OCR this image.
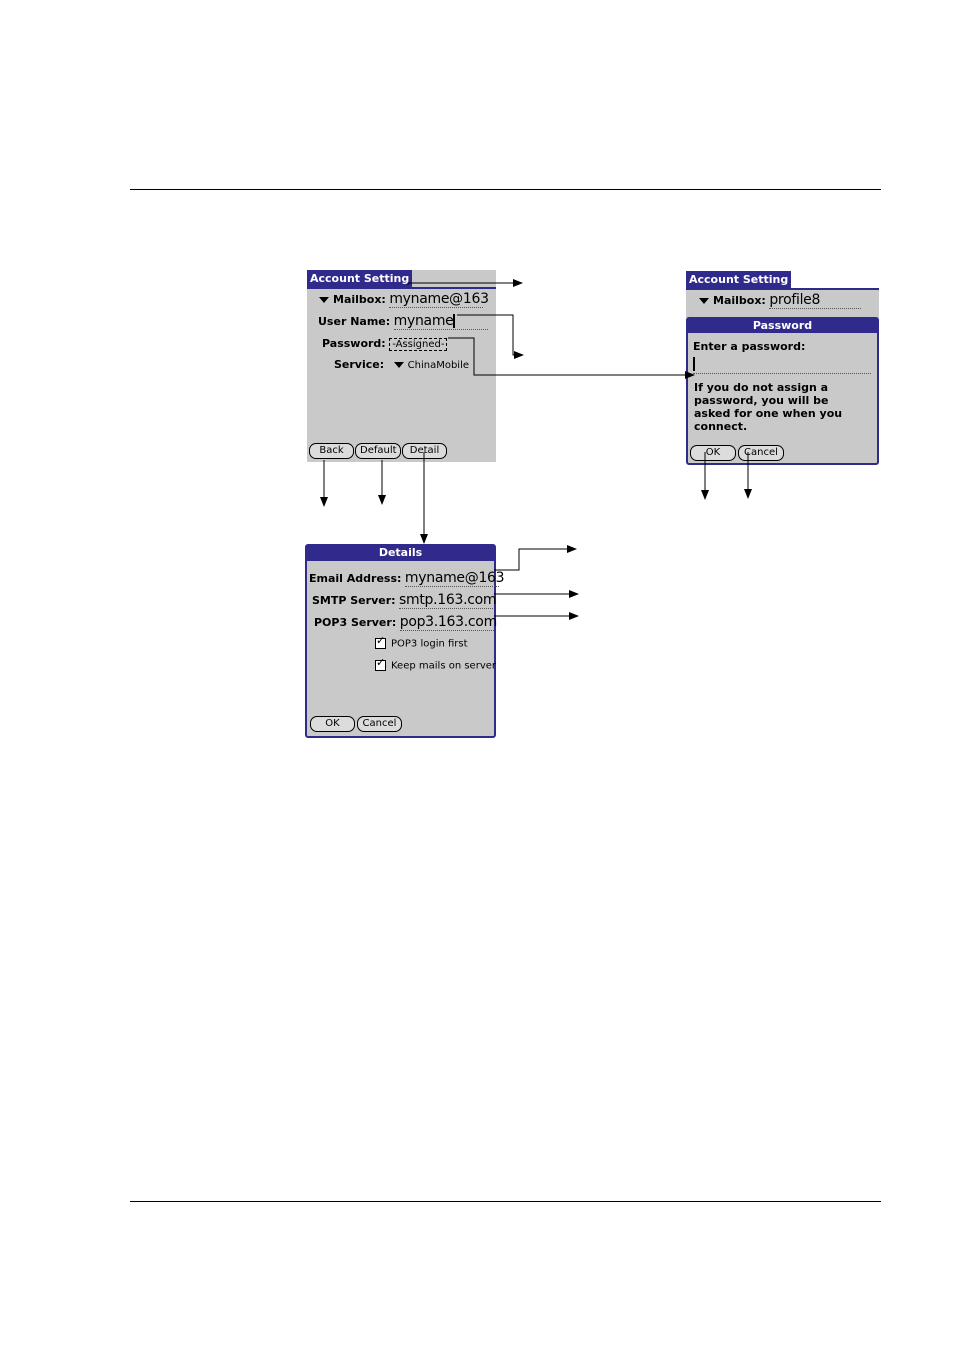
Account Setting
Mailbox: myname@163
User Name: myname
Password: -Assigned-
Service: ChinaMobile
Back	Default	Detail
Account Setting
Mailbox: profile8
Password
Enter a password:
If you do not assign a password, you will be asked for one when you connect.
OK	Cancel
Details
Email Address: myname@163
SMTP Server: smtp.163.com
POP3 Server: pop3.163.com
✓POP3 login first
✓Keep mails on server
OK	Cancel
